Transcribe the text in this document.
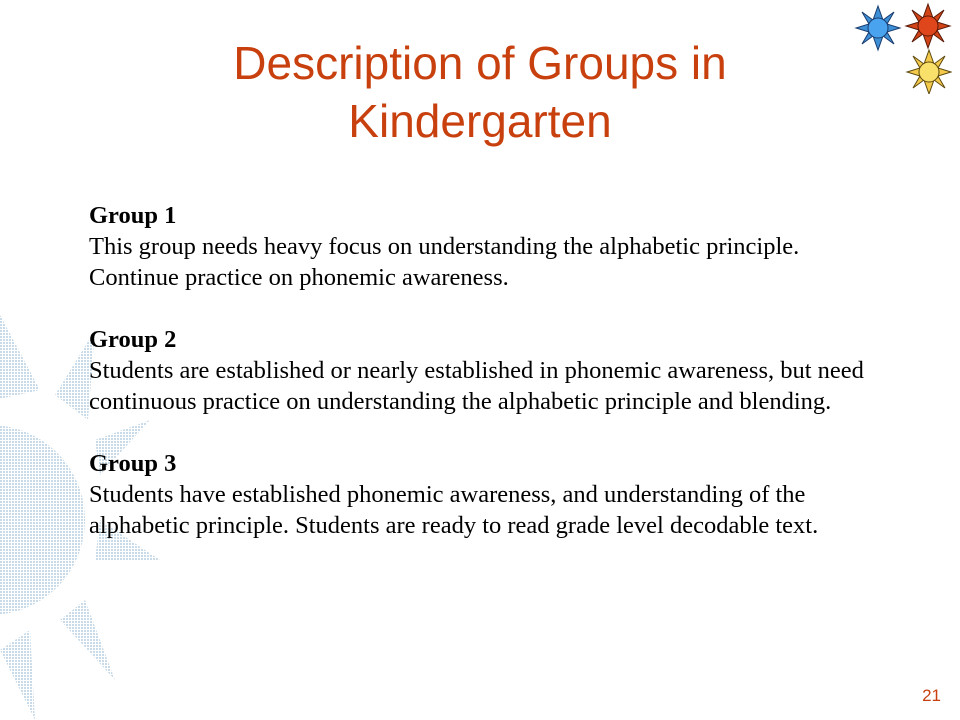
Description of Groups in Kindergarten
Group 1
This group needs heavy focus on understanding the alphabetic principle. Continue practice on phonemic awareness.
Group 2
Students are established or nearly established in phonemic awareness, but need continuous practice on understanding the alphabetic principle and blending.
Group 3
Students have established phonemic awareness, and understanding of the alphabetic principle. Students are ready to read grade level decodable text.
21
